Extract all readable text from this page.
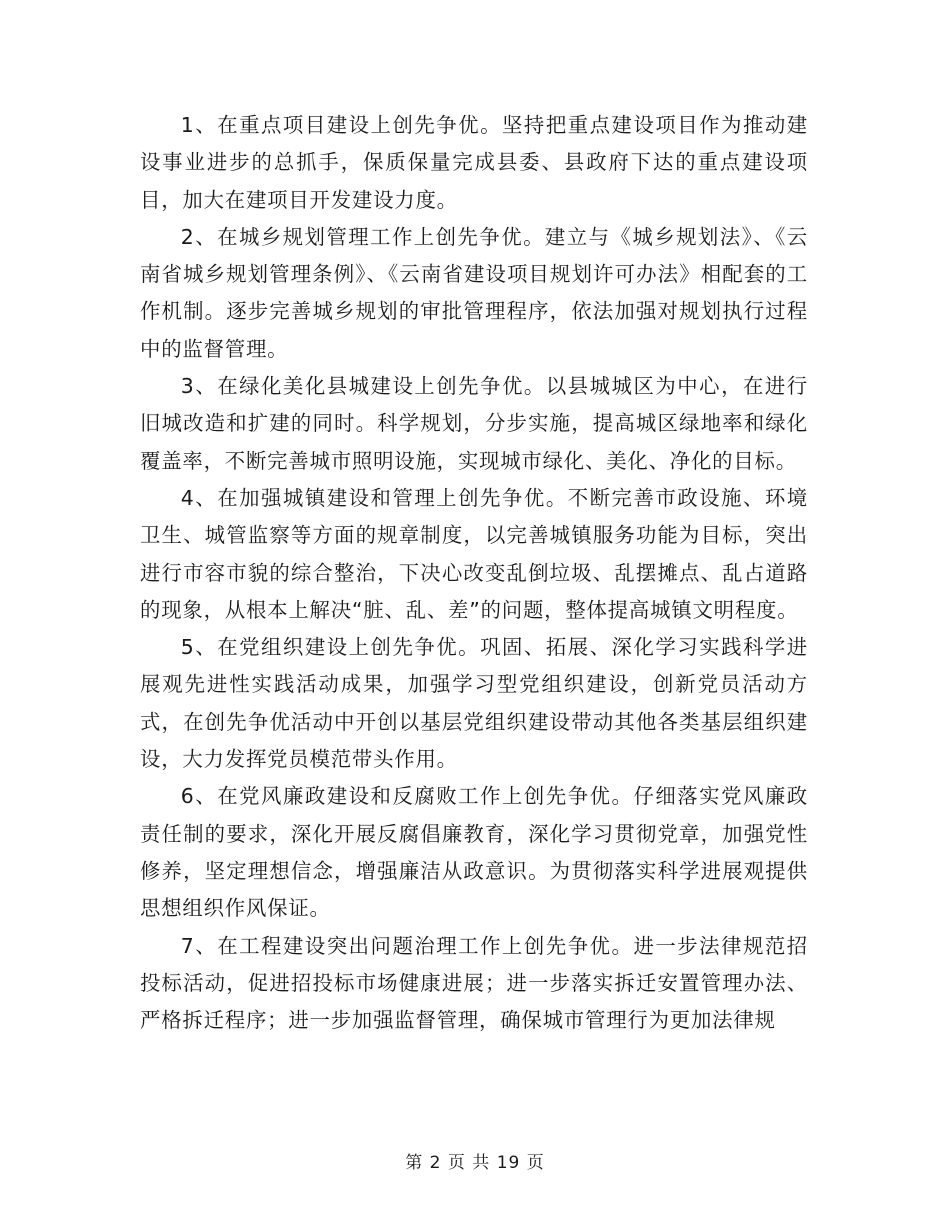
1、在重点项目建设上创先争优。坚持把重点建设项目作为推动建设事业进步的总抓手，保质保量完成县委、县政府下达的重点建设项目，加大在建项目开发建设力度。

2、在城乡规划管理工作上创先争优。建立与《城乡规划法》、《云南省城乡规划管理条例》、《云南省建设项目规划许可办法》相配套的工作机制。逐步完善城乡规划的审批管理程序，依法加强对规划执行过程中的监督管理。

3、在绿化美化县城建设上创先争优。以县城城区为中心，在进行旧城改造和扩建的同时。科学规划，分步实施，提高城区绿地率和绿化覆盖率，不断完善城市照明设施，实现城市绿化、美化、净化的目标。

4、在加强城镇建设和管理上创先争优。不断完善市政设施、环境卫生、城管监察等方面的规章制度，以完善城镇服务功能为目标，突出进行市容市貌的综合整治，下决心改变乱倒垃圾、乱摆摊点、乱占道路的现象，从根本上解决“脏、乱、差”的问题，整体提高城镇文明程度。

5、在党组织建设上创先争优。巩固、拓展、深化学习实践科学进展观先进性实践活动成果，加强学习型党组织建设，创新党员活动方式，在创先争优活动中开创以基层党组织建设带动其他各类基层组织建设，大力发挥党员模范带头作用。

6、在党风廉政建设和反腐败工作上创先争优。仔细落实党风廉政责任制的要求，深化开展反腐倡廉教育，深化学习贯彻党章，加强党性修养，坚定理想信念，增强廉洁从政意识。为贯彻落实科学进展观提供思想组织作风保证。

7、在工程建设突出问题治理工作上创先争优。进一步法律规范招投标活动，促进招投标市场健康进展；进一步落实拆迁安置管理办法、严格拆迁程序；进一步加强监督管理，确保城市管理行为更加法律规

第 2 页 共 19 页
